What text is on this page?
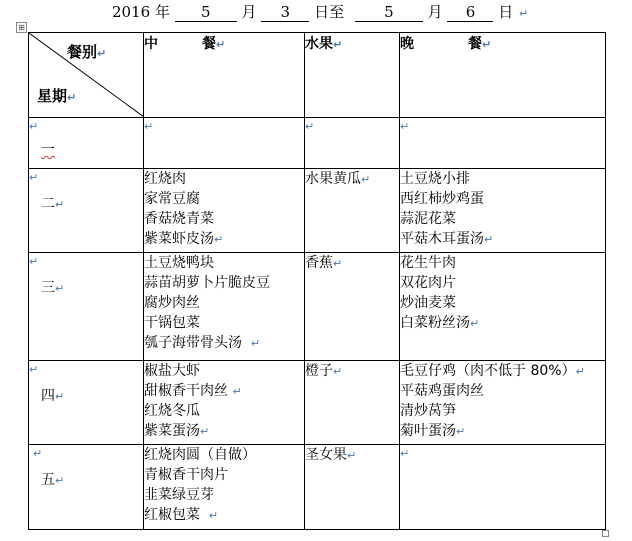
2016 年 5 月 3 日至	5 月 6 日 ↵
⊞
餐别↵
星期↵	中 餐↵	水果↵	晚 餐↵
↵
一	↵	↵	↵
↵
二↵	红烧肉
家常豆腐
香菇烧青菜
紫菜虾皮汤↵	水果黄瓜↵	土豆烧小排
西红柿炒鸡蛋
蒜泥花菜
平菇木耳蛋汤↵

↵
三↵	土豆烧鸭块
蒜苗胡萝卜片脆皮豆
腐炒肉丝
干锅包菜
瓠子海带骨头汤 ↵	香蕉↵	花生牛肉
双花肉片
炒油麦菜
白菜粉丝汤↵

↵
四↵	椒盐大虾
甜椒香干肉丝 ↵
红烧冬瓜
紫菜蛋汤↵	橙子↵	毛豆仔鸡（肉不低于 80%）↵
平菇鸡蛋肉丝
清炒莴笋
菊叶蛋汤↵

↵
五↵	红烧肉圆（自做）
青椒香干肉片
韭菜绿豆芽
红椒包菜 ↵	圣女果↵	↵
